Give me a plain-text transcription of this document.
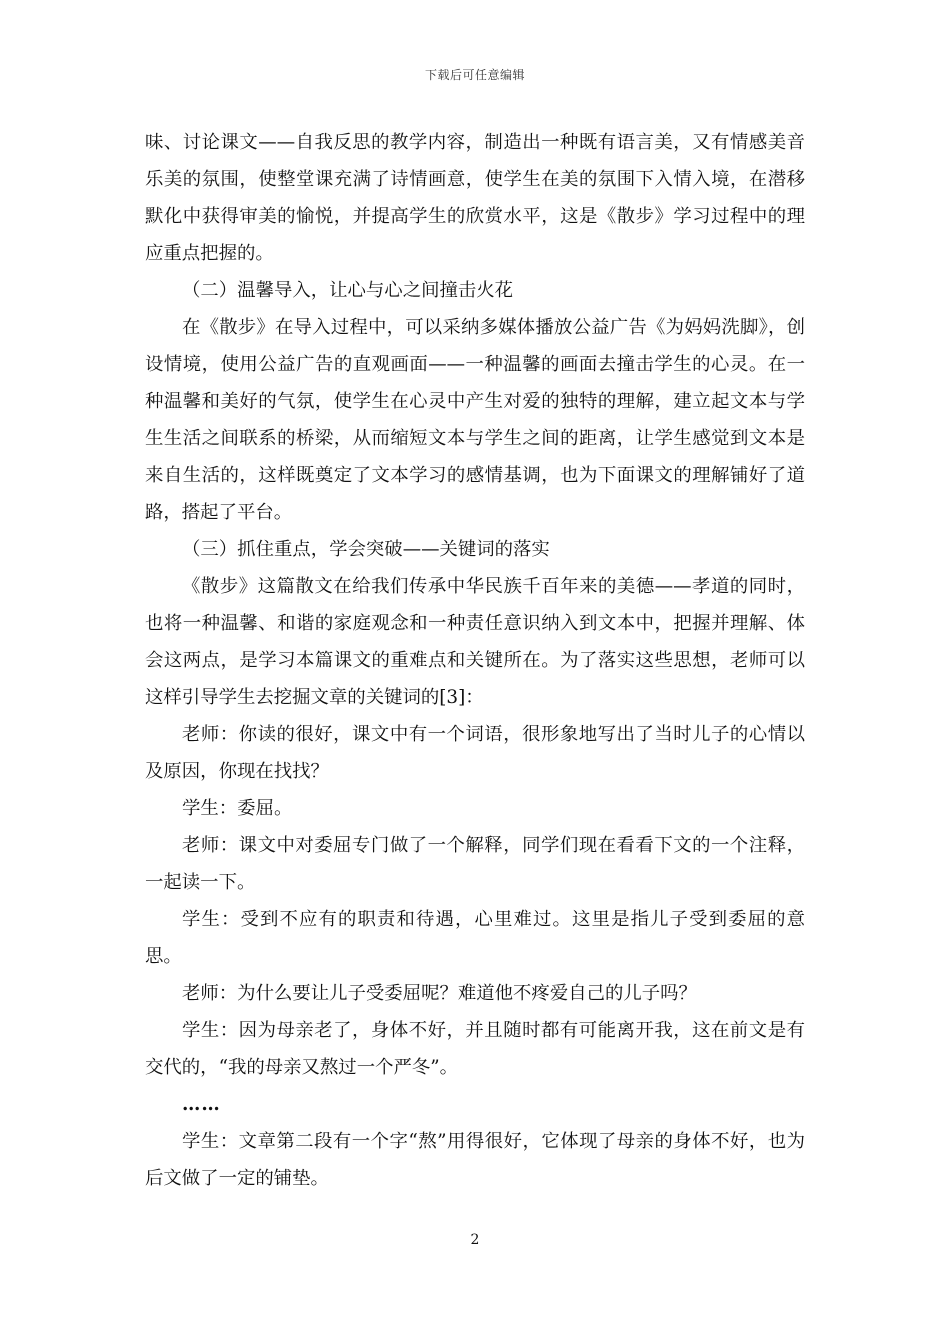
下载后可任意编辑

味、讨论课文——自我反思的教学内容，制造出一种既有语言美，又有情感美音乐美的氛围，使整堂课充满了诗情画意，使学生在美的氛围下入情入境，在潜移默化中获得审美的愉悦，并提高学生的欣赏水平，这是《散步》学习过程中的理应重点把握的。

（二）温馨导入，让心与心之间撞击火花

在《散步》在导入过程中，可以采纳多媒体播放公益广告《为妈妈洗脚》，创设情境，使用公益广告的直观画面——一种温馨的画面去撞击学生的心灵。在一种温馨和美好的气氛，使学生在心灵中产生对爱的独特的理解，建立起文本与学生生活之间联系的桥梁，从而缩短文本与学生之间的距离，让学生感觉到文本是来自生活的，这样既奠定了文本学习的感情基调，也为下面课文的理解铺好了道路，搭起了平台。

（三）抓住重点，学会突破——关键词的落实

《散步》这篇散文在给我们传承中华民族千百年来的美德——孝道的同时，也将一种温馨、和谐的家庭观念和一种责任意识纳入到文本中，把握并理解、体会这两点，是学习本篇课文的重难点和关键所在。为了落实这些思想，老师可以这样引导学生去挖掘文章的关键词的[3]：

老师：你读的很好，课文中有一个词语，很形象地写出了当时儿子的心情以及原因，你现在找找？

学生：委屈。

老师：课文中对委屈专门做了一个解释，同学们现在看看下文的一个注释，一起读一下。

学生：受到不应有的职责和待遇，心里难过。这里是指儿子受到委屈的意思。

老师：为什么要让儿子受委屈呢？难道他不疼爱自己的儿子吗？

学生：因为母亲老了，身体不好，并且随时都有可能离开我，这在前文是有交代的，“我的母亲又熬过一个严冬”。

……

学生：文章第二段有一个字“熬”用得很好，它体现了母亲的身体不好，也为后文做了一定的铺垫。

2
